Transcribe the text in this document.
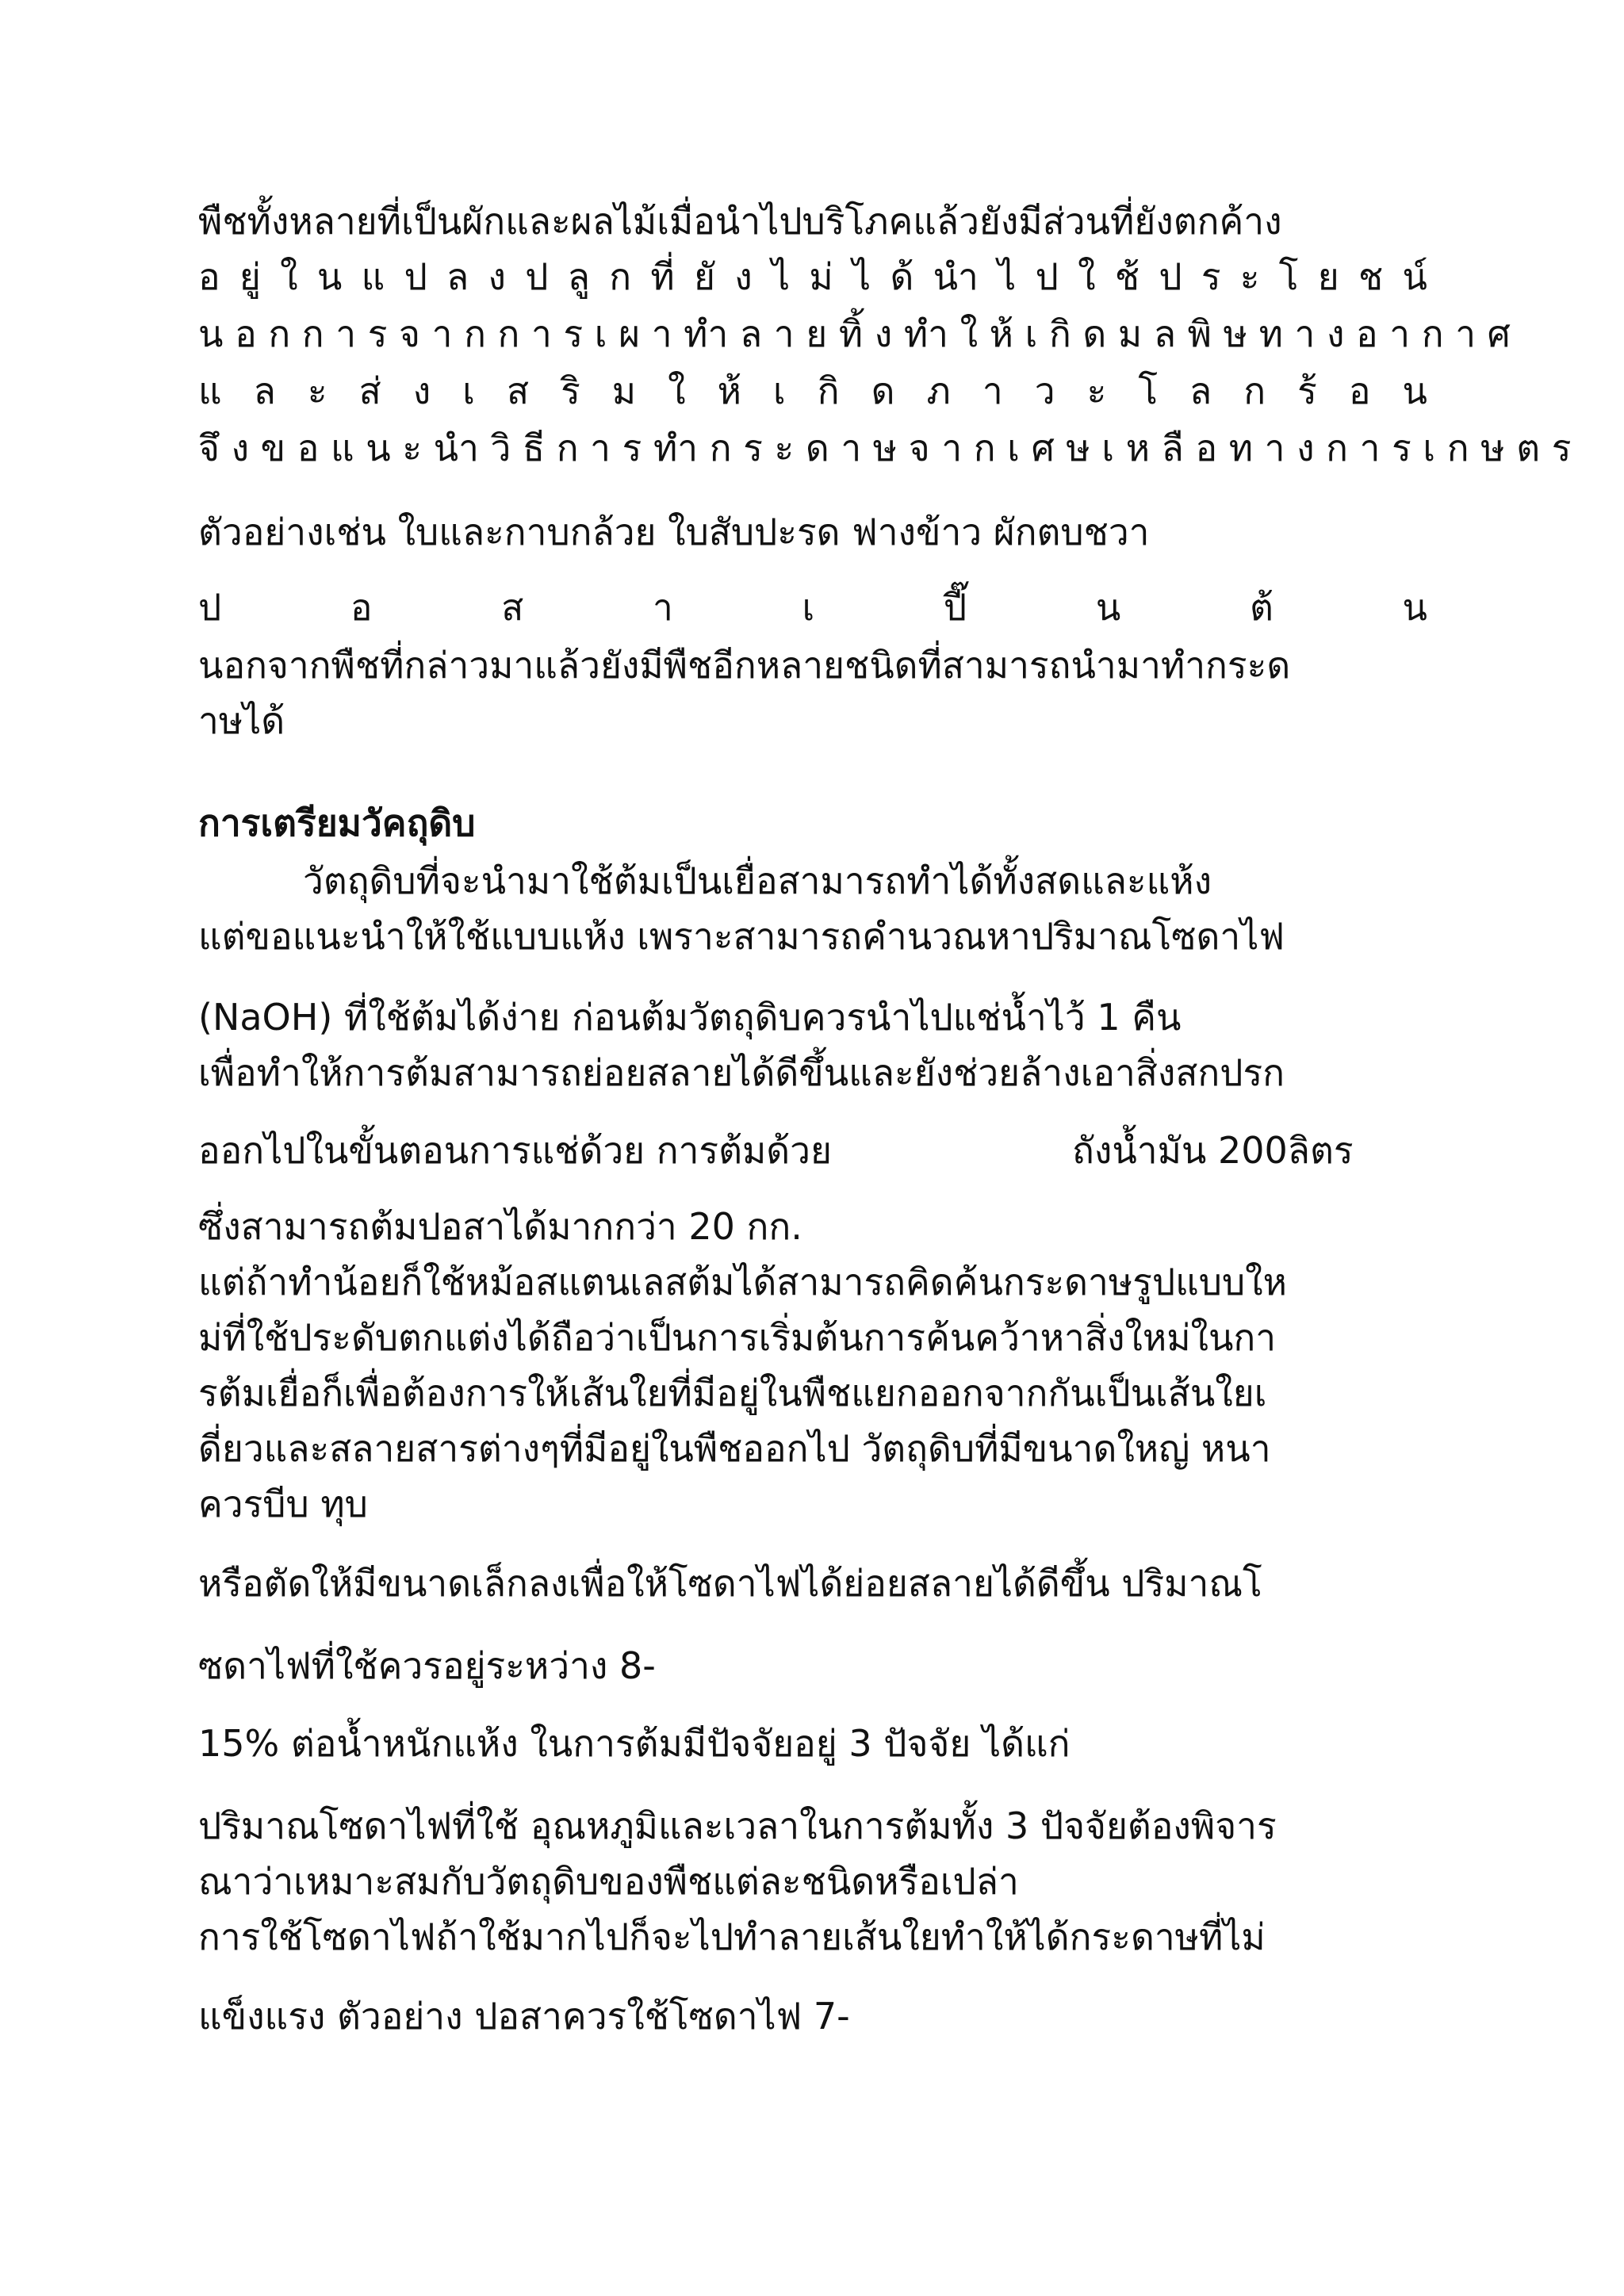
พืชทั้งหลายที่เป็นผักและผลไม้เมื่อนำไปบริโภคแล้วยังมีส่วนที่ยังตกค้าง
อ ยู่ ใ น แ ป ล ง ป ลู ก ที่ ยั ง ไ ม่ ไ ด้ นำ ไ ป ใ ช้ ป ร ะ โ ย ช น์
น อ ก ก า ร จ า ก ก า ร เ ผ า ทำ ล า ย ทิ้ ง ทำ ใ ห้ เ กิ ด ม ล พิ ษ ท า ง อ า ก า ศ
แ ล ะ ส่ ง เ ส ริ ม ใ ห้ เ กิ ด ภ า ว ะ โ ล ก ร้ อ น
จึ ง ข อ แ น ะ นำ วิ ธี ก า ร ทำ ก ร ะ ด า ษ จ า ก เ ศ ษ เ ห ลื อ ท า ง ก า ร เ ก ษ ต ร
ตัวอย่างเช่น ใบและกาบกล้วย ใบสับปะรด ฟางข้าว ผักตบชวา
ป อ ส า เ ปี๊ น ต้ น
นอกจากพืชที่กล่าวมาแล้วยังมีพืชอีกหลายชนิดที่สามารถนำมาทำกระด
าษได้
การเตรียมวัคถุดิบ
วัตถุดิบที่จะนำมาใช้ต้มเป็นเยื่อสามารถทำได้ทั้งสดและแห้ง
แต่ขอแนะนำให้ใช้แบบแห้ง เพราะสามารถคำนวณหาปริมาณโซดาไฟ
(NaOH) ที่ใช้ต้มได้ง่าย ก่อนต้มวัตถุดิบควรนำไปแช่น้ำไว้ 1 คืน
เพื่อทำให้การต้มสามารถย่อยสลายได้ดีขึ้นและยังช่วยล้างเอาสิ่งสกปรก
ออกไปในขั้นตอนการแช่ด้วย การต้มด้วย	ถังน้ำมัน 200ลิตร
ซึ่งสามารถต้มปอสาได้มากกว่า 20 กก.
แต่ถ้าทำน้อยก็ใช้หม้อสแตนเลสต้มได้สามารถคิดค้นกระดาษรูปแบบให
ม่ที่ใช้ประดับตกแต่งได้ถือว่าเป็นการเริ่มต้นการค้นคว้าหาสิ่งใหม่ในกา
รต้มเยื่อก็เพื่อต้องการให้เส้นใยที่มีอยู่ในพืชแยกออกจากกันเป็นเส้นใยเ
ดี่ยวและสลายสารต่างๆที่มีอยู่ในพืชออกไป วัตถุดิบที่มีขนาดใหญ่ หนา
ควรบีบ ทุบ
หรือตัดให้มีขนาดเล็กลงเพื่อให้โซดาไฟได้ย่อยสลายได้ดีขึ้น ปริมาณโ
ซดาไฟที่ใช้ควรอยู่ระหว่าง 8-
15% ต่อน้ำหนักแห้ง ในการต้มมีปัจจัยอยู่ 3 ปัจจัย ได้แก่
ปริมาณโซดาไฟที่ใช้ อุณหภูมิและเวลาในการต้มทั้ง 3 ปัจจัยต้องพิจาร
ณาว่าเหมาะสมกับวัตถุดิบของพืชแต่ละชนิดหรือเปล่า
การใช้โซดาไฟถ้าใช้มากไปก็จะไปทำลายเส้นใยทำให้ได้กระดาษที่ไม่
แข็งแรง ตัวอย่าง ปอสาควรใช้โซดาไฟ 7-
